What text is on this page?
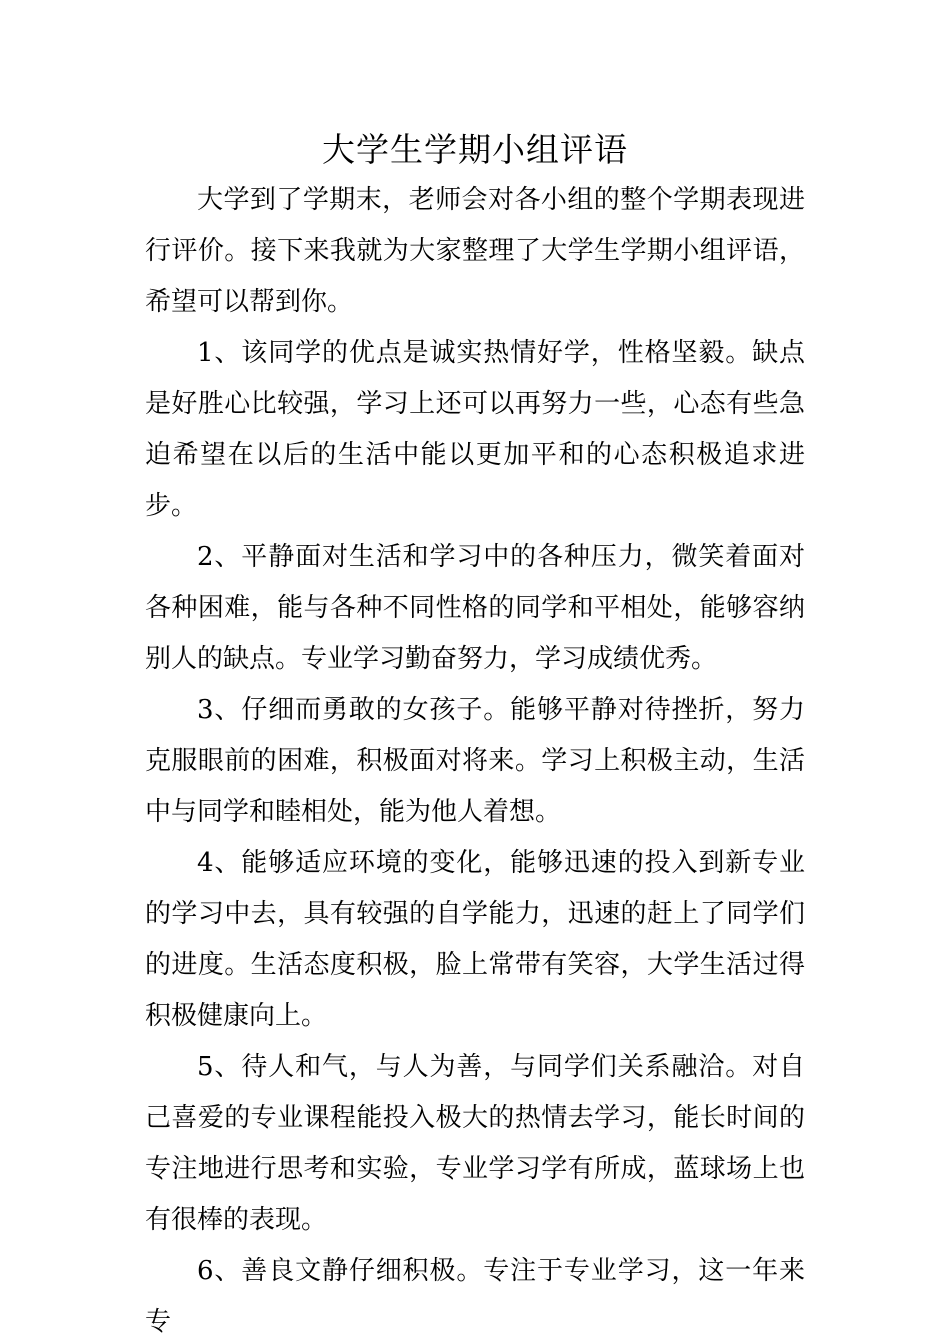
大学生学期小组评语

大学到了学期末，老师会对各小组的整个学期表现进行评价。接下来我就为大家整理了大学生学期小组评语，希望可以帮到你。

1、该同学的优点是诚实热情好学，性格坚毅。缺点是好胜心比较强，学习上还可以再努力一些，心态有些急迫希望在以后的生活中能以更加平和的心态积极追求进步。

2、平静面对生活和学习中的各种压力，微笑着面对各种困难，能与各种不同性格的同学和平相处，能够容纳别人的缺点。专业学习勤奋努力，学习成绩优秀。

3、仔细而勇敢的女孩子。能够平静对待挫折，努力克服眼前的困难，积极面对将来。学习上积极主动，生活中与同学和睦相处，能为他人着想。

4、能够适应环境的变化，能够迅速的投入到新专业的学习中去，具有较强的自学能力，迅速的赶上了同学们的进度。生活态度积极，脸上常带有笑容，大学生活过得积极健康向上。

5、待人和气，与人为善，与同学们关系融洽。对自己喜爱的专业课程能投入极大的热情去学习，能长时间的专注地进行思考和实验，专业学习学有所成，蓝球场上也有很棒的表现。

6、善良文静仔细积极。专注于专业学习，这一年来专
